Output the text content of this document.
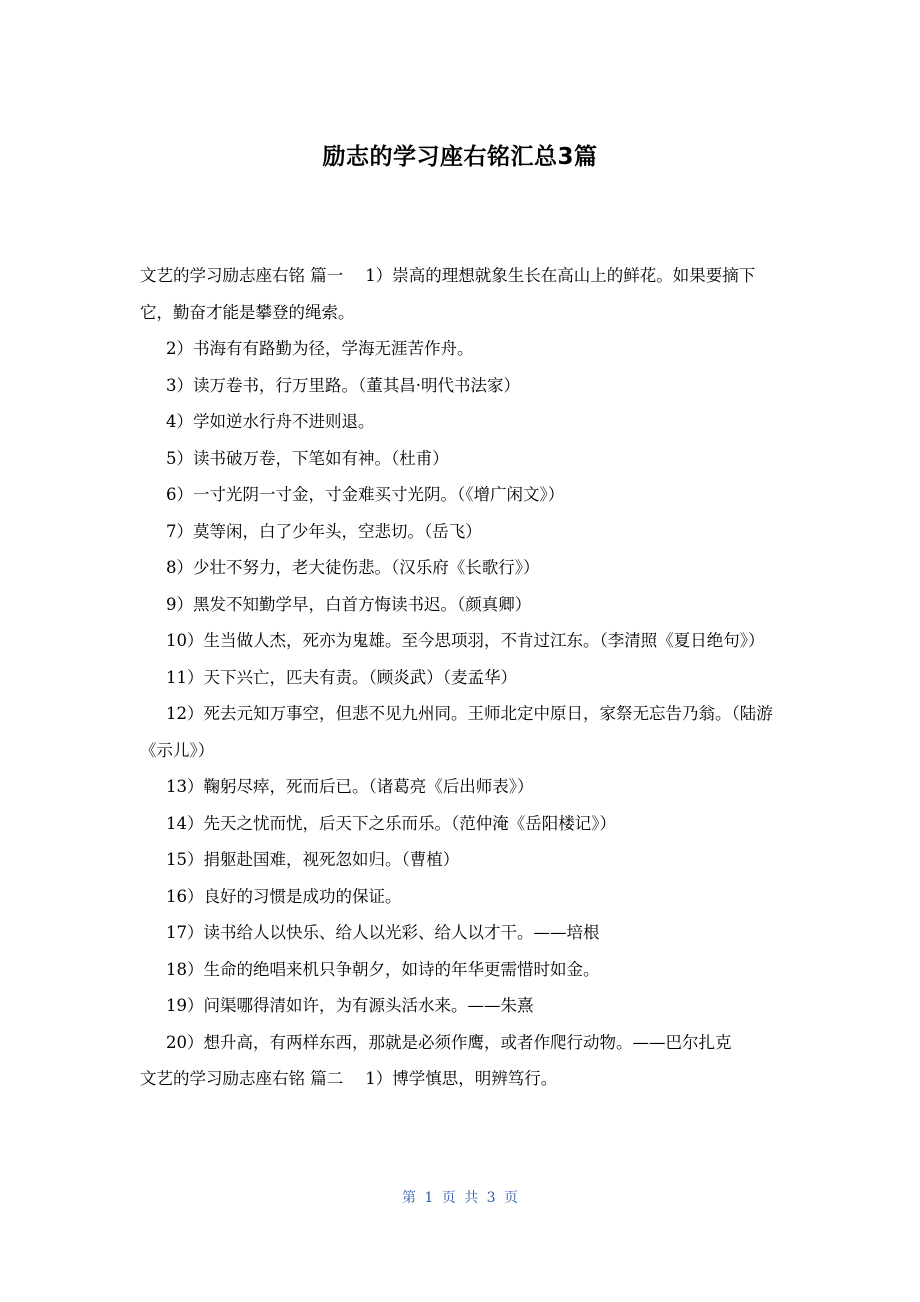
励志的学习座右铭汇总3篇

文艺的学习励志座右铭 篇一 1）崇高的理想就象生长在高山上的鲜花。如果要摘下它，勤奋才能是攀登的绳索。

2）书海有有路勤为径，学海无涯苦作舟。

3）读万卷书，行万里路。（董其昌·明代书法家）

4）学如逆水行舟不进则退。

5）读书破万卷，下笔如有神。（杜甫）

6）一寸光阴一寸金，寸金难买寸光阴。（《增广闲文》）

7）莫等闲，白了少年头，空悲切。（岳飞）

8）少壮不努力，老大徒伤悲。（汉乐府《长歌行》）

9）黑发不知勤学早，白首方悔读书迟。（颜真卿）

10）生当做人杰，死亦为鬼雄。至今思项羽，不肯过江东。（李清照《夏日绝句》）

11）天下兴亡，匹夫有责。（顾炎武）（麦孟华）

12）死去元知万事空，但悲不见九州同。王师北定中原日，家祭无忘告乃翁。（陆游《示儿》）

13）鞠躬尽瘁，死而后已。（诸葛亮《后出师表》）

14）先天之忧而忧，后天下之乐而乐。（范仲淹《岳阳楼记》）

15）捐躯赴国难，视死忽如归。（曹植）

16）良好的习惯是成功的保证。

17）读书给人以快乐、给人以光彩、给人以才干。——培根

18）生命的绝唱来机只争朝夕，如诗的年华更需惜时如金。

19）问渠哪得清如许，为有源头活水来。——朱熹

20）想升高，有两样东西，那就是必须作鹰，或者作爬行动物。——巴尔扎克

文艺的学习励志座右铭 篇二 1）博学慎思，明辨笃行。

第 1 页 共 3 页
